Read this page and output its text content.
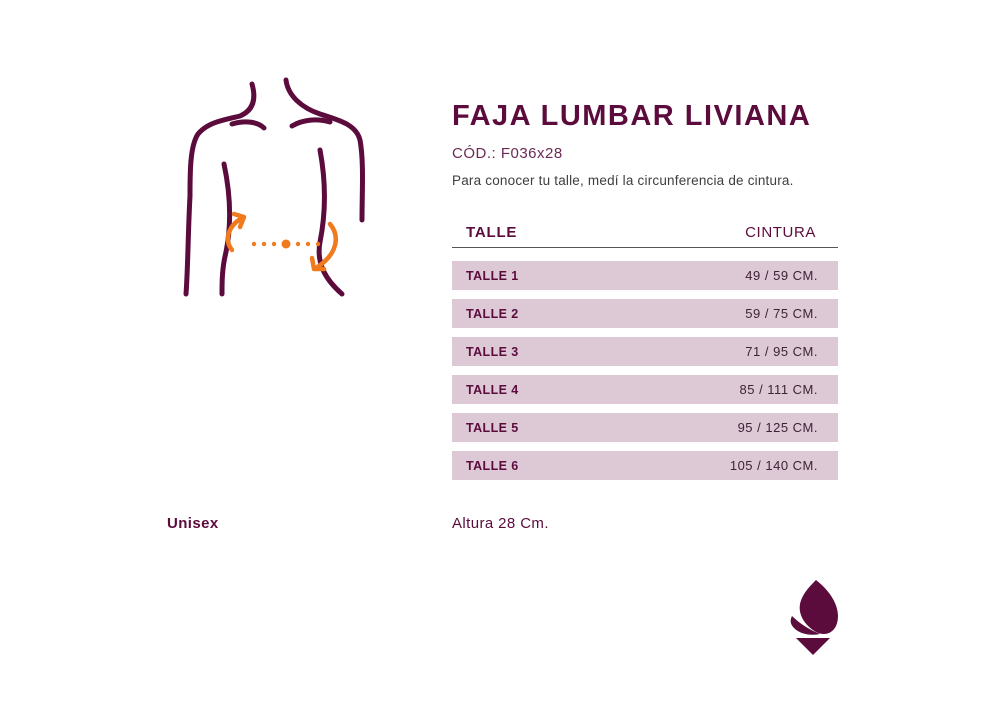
FAJA LUMBAR LIVIANA
CÓD.: F036x28
Para conocer tu talle, medí la circunferencia de cintura.
TALLE	CINTURA
TALLE 1	49 / 59 CM.
TALLE 2	59 / 75 CM.
TALLE 3	71 / 95 CM.
TALLE 4	85 / 111 CM.
TALLE 5	95 / 125 CM.
TALLE 6	105 / 140 CM.
Unisex	Altura 28 Cm.
